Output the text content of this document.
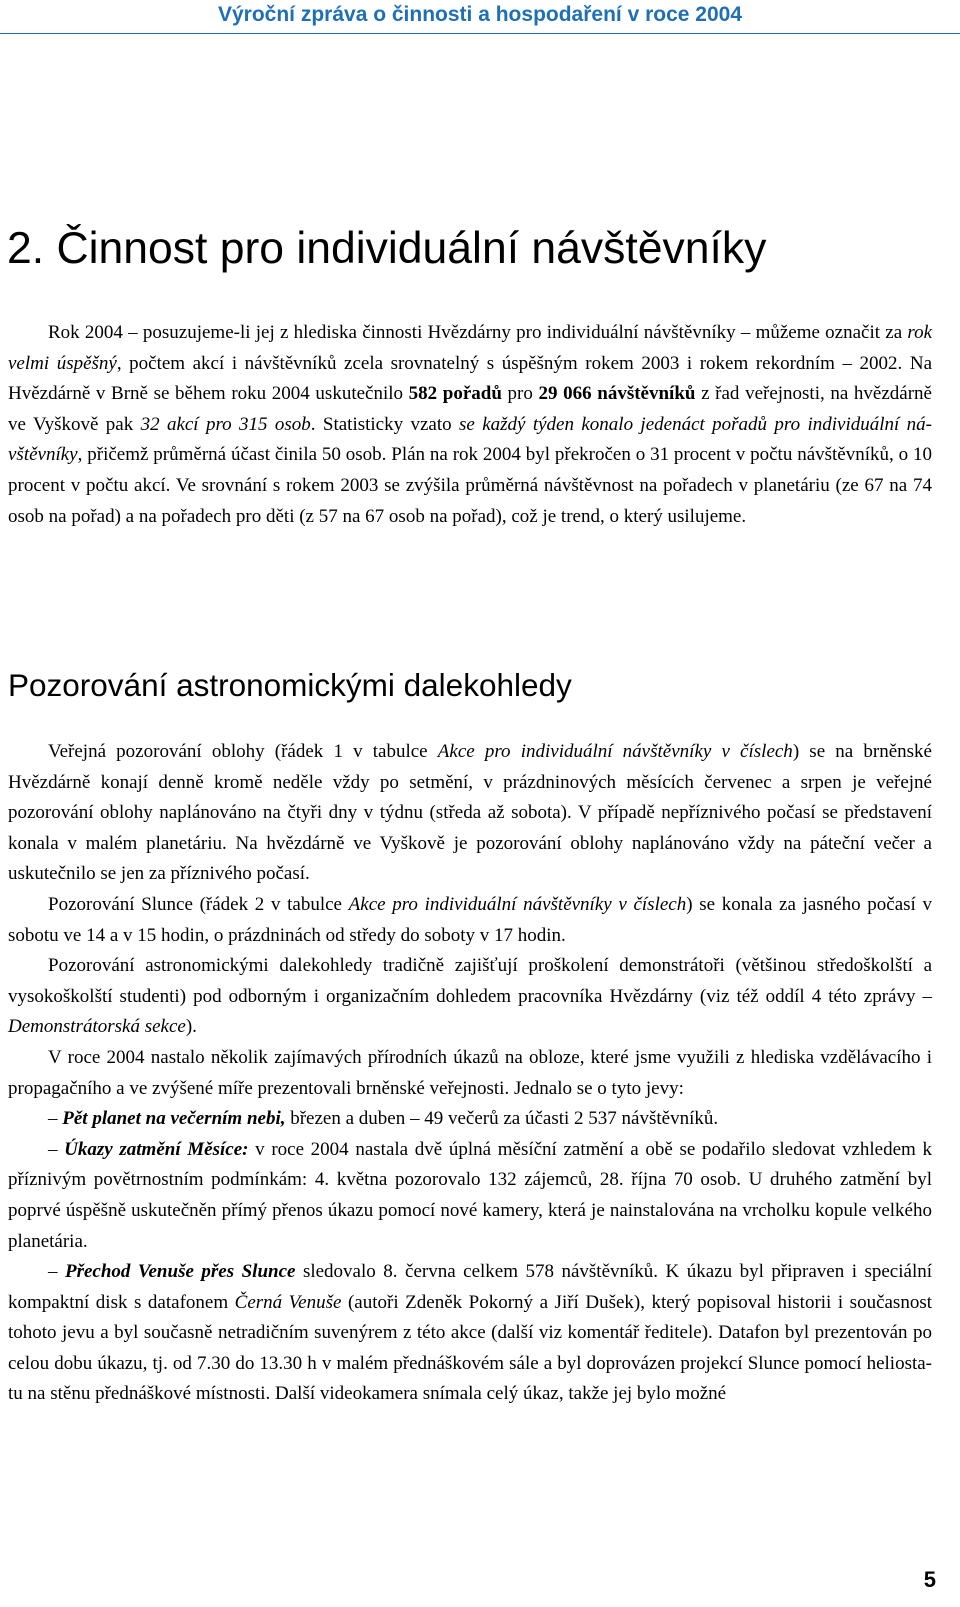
Výroční zpráva o činnosti a hospodaření v roce 2004
2. Činnost pro individuální návštěvníky

Rok 2004 – posuzujeme-li jej z hlediska činnosti Hvězdárny pro individuální návštěvníky – můžeme označit za rok velmi úspěšný, počtem akcí i návštěvníků zcela srovnatelný s úspěšným rokem 2003 i rokem rekordním – 2002. Na Hvězdárně v Brně se během roku 2004 uskutečnilo 582 pořadů pro 29 066 návštěvníků z řad veřejnosti, na hvězdárně ve Vyškově pak 32 akcí pro 315 osob. Statisticky vzato se každý týden konalo jedenáct pořadů pro individuální návštěvníky, přičemž průměrná účast činila 50 osob. Plán na rok 2004 byl překročen o 31 procent v počtu návštěvníků, o 10 procent v počtu akcí. Ve srovnání s rokem 2003 se zvýšila průměrná návštěvnost na pořadech v planetáriu (ze 67 na 74 osob na pořad) a na pořadech pro děti (z 57 na 67 osob na pořad), což je trend, o který usilujeme.

Pozorování astronomickými dalekohledy

Veřejná pozorování oblohy (řádek 1 v tabulce Akce pro individuální návštěvníky v číslech) se na brněnské Hvězdárně konají denně kromě neděle vždy po setmění, v prázdninových měsících červenec a srpen je veřejné pozorování oblohy naplánováno na čtyři dny v týdnu (středa až sobota). V případě nepříznivého počasí se představení konala v malém planetáriu. Na hvězdárně ve Vyškově je pozorování oblohy naplánováno vždy na páteční večer a uskutečnilo se jen za příznivého počasí.

Pozorování Slunce (řádek 2 v tabulce Akce pro individuální návštěvníky v číslech) se konala za jasného počasí v sobotu ve 14 a v 15 hodin, o prázdninách od středy do soboty v 17 hodin.

Pozorování astronomickými dalekohledy tradičně zajišťují proškolení demonstrátoři (většinou středoškolští a vysokoškolští studenti) pod odborným i organizačním dohledem pracovníka Hvězdárny (viz též oddíl 4 této zprávy – Demonstrátorská sekce).

V roce 2004 nastalo několik zajímavých přírodních úkazů na obloze, které jsme využili z hlediska vzdělávacího i propagačního a ve zvýšené míře prezentovali brněnské veřejnosti. Jednalo se o tyto jevy:

– Pět planet na večerním nebi, březen a duben – 49 večerů za účasti 2 537 návštěvníků.

– Úkazy zatmění Měsíce: v roce 2004 nastala dvě úplná měsíční zatmění a obě se podařilo sledovat vzhledem k příznivým povětrnostním podmínkám: 4. května pozorovalo 132 zájemců, 28. října 70 osob. U druhého zatmění byl poprvé úspěšně uskutečněn přímý přenos úkazu pomocí nové kamery, která je nainstalována na vrcholku kopule velkého planetária.

– Přechod Venuše přes Slunce sledovalo 8. června celkem 578 návštěvníků. K úkazu byl připraven i speciální kompaktní disk s datafonem Černá Venuše (autoři Zdeněk Pokorný a Jiří Dušek), který popisoval historii i současnost tohoto jevu a byl současně netradičním suvenýrem z této akce (další viz komentář ředitele). Datafon byl prezentován po celou dobu úkazu, tj. od 7.30 do 13.30 h v malém přednáškovém sále a byl doprovázen projekcí Slunce pomocí heliostatu na stěnu přednáškové místnosti. Další videokamera snímala celý úkaz, takže jej bylo možné

5
